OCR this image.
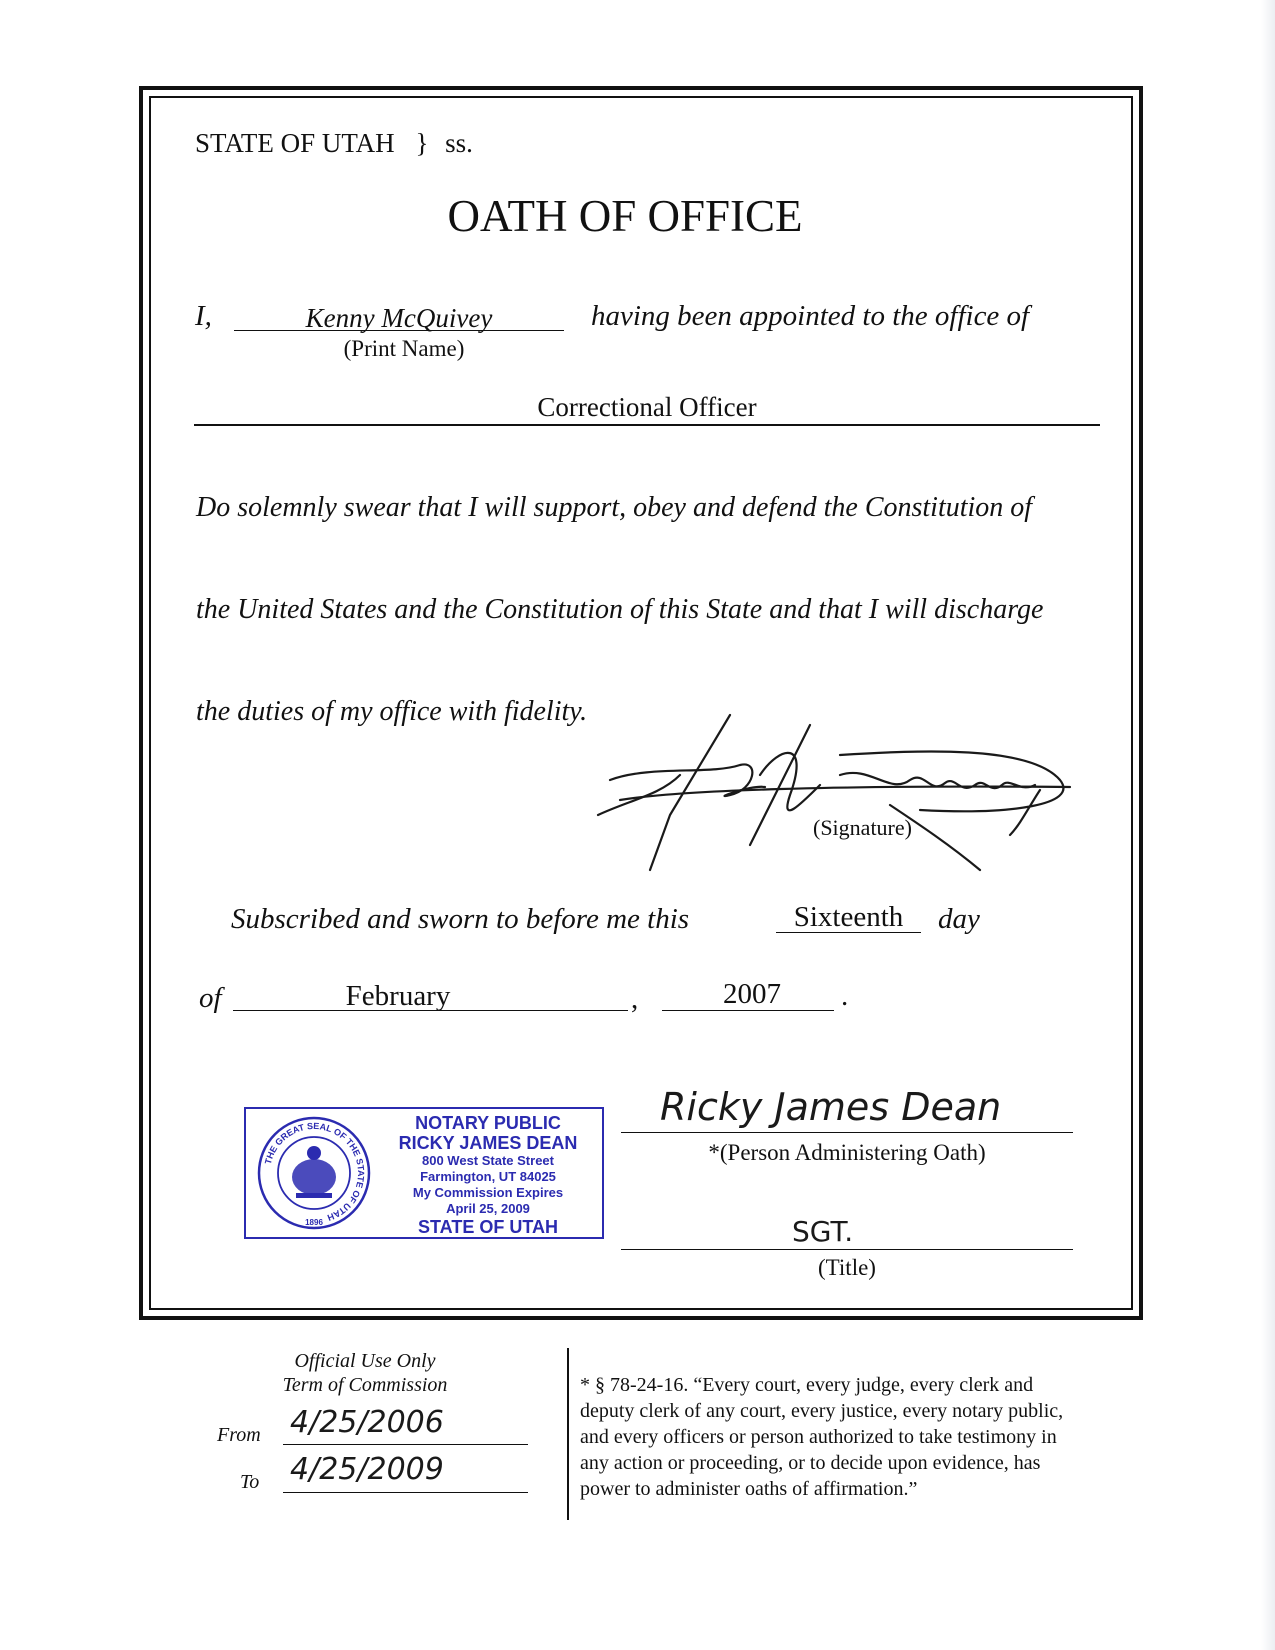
STATE OF UTAH } ss.
OATH OF OFFICE
I,	Kenny McQuivey
(Print Name)
having been appointed to the office of
Correctional Officer
Do solemnly swear that I will support, obey and defend the Constitution of
the United States and the Constitution of this State and that I will discharge
the duties of my office with fidelity.
(Signature)
Subscribed and sworn to before me this	Sixteenth	day
of	February	,	2007	.
THE GREAT SEAL OF THE STATE OF UTAH
1896
NOTARY PUBLIC
RICKY JAMES DEAN
800 West State Street
Farmington, UT 84025
My Commission Expires
April 25, 2009
STATE OF UTAH
Ricky James Dean
*(Person Administering Oath)
SGT.
(Title)
Official Use Only
Term of Commission
From 4/25/2006
To 4/25/2009
* § 78-24-16. “Every court, every judge, every clerk and
deputy clerk of any court, every justice, every notary public,
and every officers or person authorized to take testimony in
any action or proceeding, or to decide upon evidence, has
power to administer oaths of affirmation.”
